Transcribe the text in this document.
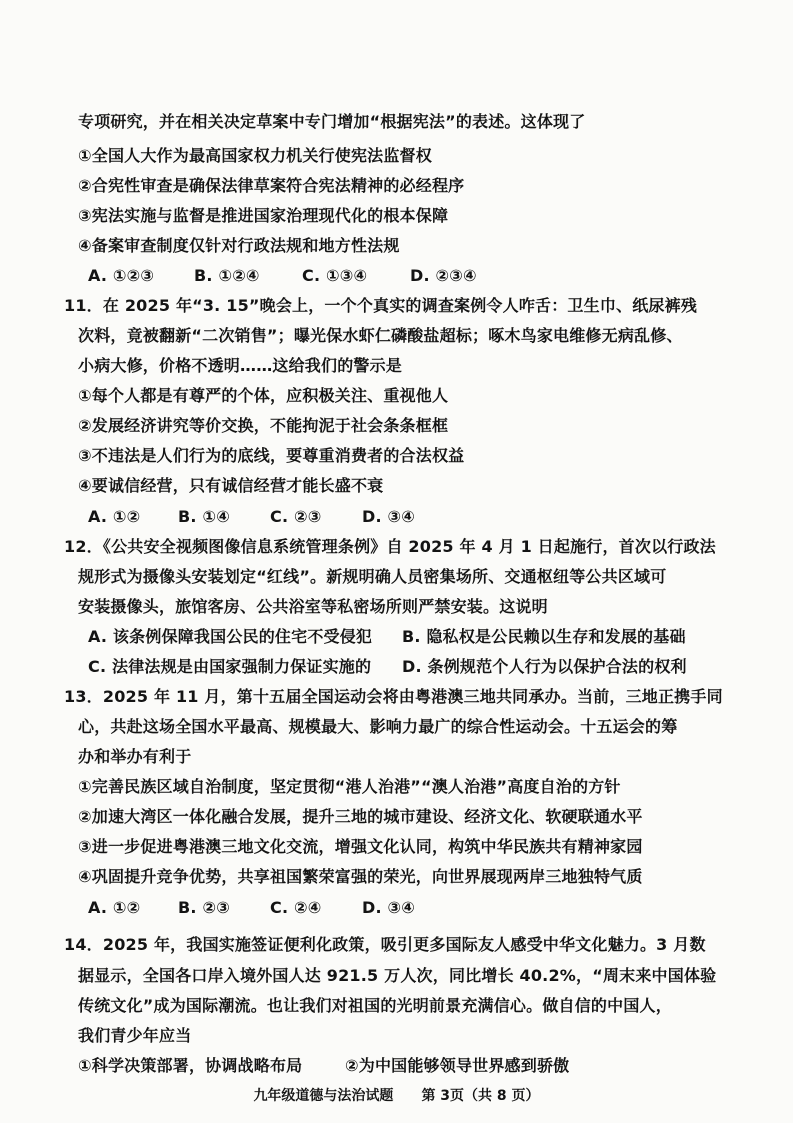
专项研究，并在相关决定草案中专门增加“根据宪法”的表述。这体现了
①全国人大作为最高国家权力机关行使宪法监督权
②合宪性审查是确保法律草案符合宪法精神的必经程序
③宪法实施与监督是推进国家治理现代化的根本保障
④备案审查制度仅针对行政法规和地方性法规
A. ①②③ B. ①②④	C. ①③④	D. ②③④
11．在 2025 年“3. 15”晚会上，一个个真实的调查案例令人咋舌：卫生巾、纸尿裤残
次料，竟被翻新“二次销售”；曝光保水虾仁磷酸盐超标；啄木鸟家电维修无病乱修、
小病大修，价格不透明……这给我们的警示是
①每个人都是有尊严的个体，应积极关注、重视他人
②发展经济讲究等价交换，不能拘泥于社会条条框框
③不违法是人们行为的底线，要尊重消费者的合法权益
④要诚信经营，只有诚信经营才能长盛不衰
A. ①② B. ①④	C. ②③	D. ③④
12．《公共安全视频图像信息系统管理条例》自 2025 年 4 月 1 日起施行，首次以行政法
规形式为摄像头安装划定“红线”。新规明确人员密集场所、交通枢纽等公共区域可
安装摄像头，旅馆客房、公共浴室等私密场所则严禁安装。这说明
A. 该条例保障我国公民的住宅不受侵犯 B. 隐私权是公民赖以生存和发展的基础
C. 法律法规是由国家强制力保证实施的 D. 条例规范个人行为以保护合法的权利
13．2025 年 11 月，第十五届全国运动会将由粤港澳三地共同承办。当前，三地正携手同
心，共赴这场全国水平最高、规模最大、影响力最广的综合性运动会。十五运会的筹
办和举办有利于
①完善民族区域自治制度，坚定贯彻“港人治港”“澳人治港”高度自治的方针
②加速大湾区一体化融合发展，提升三地的城市建设、经济文化、软硬联通水平
③进一步促进粤港澳三地文化交流，增强文化认同，构筑中华民族共有精神家园
④巩固提升竞争优势，共享祖国繁荣富强的荣光，向世界展现两岸三地独特气质
A. ①② B. ②③	C. ②④	D. ③④
14．2025 年，我国实施签证便利化政策，吸引更多国际友人感受中华文化魅力。3 月数
据显示，全国各口岸入境外国人达 921.5 万人次，同比增长 40.2%，“周末来中国体验
传统文化”成为国际潮流。也让我们对祖国的光明前景充满信心。做自信的中国人，
我们青少年应当
①科学决策部署，协调战略布局	②为中国能够领导世界感到骄傲
九年级道德与法治试题 第 3页（共 8 页）
